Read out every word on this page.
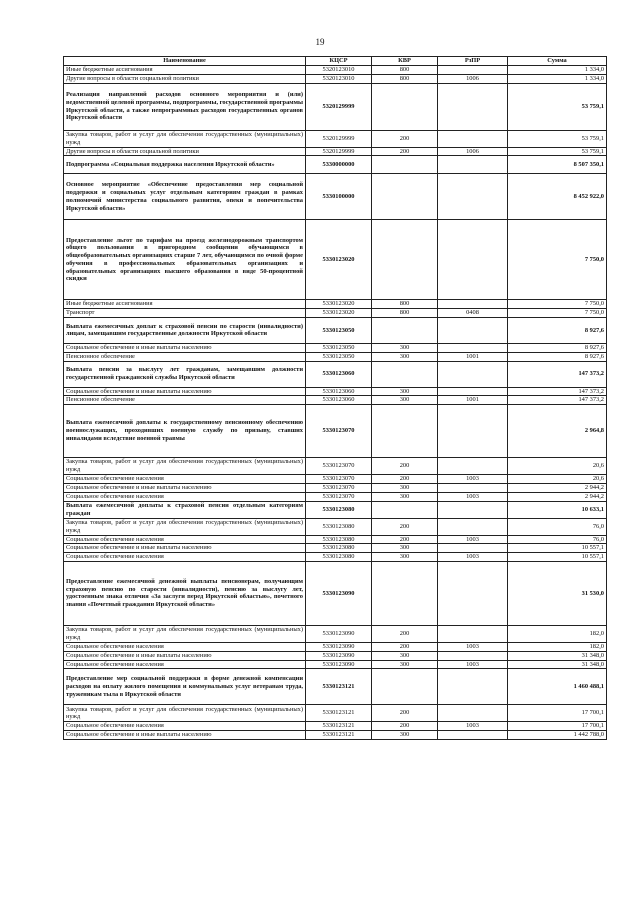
19
Наименование	КЦСР	КВР	РзПР	Сумма
Иные бюджетные ассигнования	5320123010	800		1 334,0
Другие вопросы в области социальной политики	5320123010	800	1006	1 334,0
Реализация направлений расходов основного мероприятия и (или) ведомственной целевой программы, подпрограммы, государственной программы Иркутской области, а также непрограммных расходов государственных органов Иркутской области	5320129999			53 759,1
Закупка товаров, работ и услуг для обеспечения государственных (муниципальных) нужд	5320129999	200		53 759,1
Другие вопросы в области социальной политики	5320129999	200	1006	53 759,1
Подпрограмма «Социальная поддержка населения Иркутской области»	5330000000			8 507 350,1
Основное мероприятие «Обеспечение предоставления мер социальной поддержки и социальных услуг отдельным категориям граждан в рамках полномочий министерства социального развития, опеки и попечительства Иркутской области»	5330100000			8 452 922,0
Предоставление льгот по тарифам на проезд железнодорожным транспортом общего пользования в пригородном сообщении обучающимся в общеобразовательных организациях старше 7 лет, обучающимся по очной форме обучения в профессиональных образовательных организациях и образовательных организациях высшего образования в виде 50-процентной скидки	5330123020			7 750,0
Иные бюджетные ассигнования	5330123020	800		7 750,0
Транспорт	5330123020	800	0408	7 750,0
Выплата ежемесячных доплат к страховой пенсии по старости (инвалидности) лицам, замещавшим государственные должности Иркутской области	5330123050			8 927,6
Социальное обеспечение и иные выплаты населению	5330123050	300		8 927,6
Пенсионное обеспечение	5330123050	300	1001	8 927,6
Выплата пенсии за выслугу лет гражданам, замещавшим должности государственной гражданской службы Иркутской области	5330123060			147 373,2
Социальное обеспечение и иные выплаты населению	5330123060	300		147 373,2
Пенсионное обеспечение	5330123060	300	1001	147 373,2
Выплата ежемесячной доплаты к государственному пенсионному обеспечению военнослужащих, проходивших военную службу по призыву, ставших инвалидами вследствие военной травмы	5330123070			2 964,8
Закупка товаров, работ и услуг для обеспечения государственных (муниципальных) нужд	5330123070	200		20,6
Социальное обеспечение населения	5330123070	200	1003	20,6
Социальное обеспечение и иные выплаты населению	5330123070	300		2 944,2
Социальное обеспечение населения	5330123070	300	1003	2 944,2
Выплата ежемесячной доплаты к страховой пенсии отдельным категориям граждан	5330123080			10 633,1
Закупка товаров, работ и услуг для обеспечения государственных (муниципальных) нужд	5330123080	200		76,0
Социальное обеспечение населения	5330123080	200	1003	76,0
Социальное обеспечение и иные выплаты населению	5330123080	300		10 557,1
Социальное обеспечение населения	5330123080	300	1003	10 557,1
Предоставление ежемесячной денежной выплаты пенсионерам, получающим страховую пенсию по старости (инвалидности), пенсию за выслугу лет, удостоенным знака отличия «За заслуги перед Иркутской областью», почетного звания «Почетный гражданин Иркутской области»	5330123090			31 530,0
Закупка товаров, работ и услуг для обеспечения государственных (муниципальных) нужд	5330123090	200		182,0
Социальное обеспечение населения	5330123090	200	1003	182,0
Социальное обеспечение и иные выплаты населению	5330123090	300		31 348,0
Социальное обеспечение населения	5330123090	300	1003	31 348,0
Предоставление мер социальной поддержки в форме денежной компенсации расходов на оплату жилого помещения и коммунальных услуг ветеранам труда, труженикам тыла в Иркутской области	5330123121			1 460 488,1
Закупка товаров, работ и услуг для обеспечения государственных (муниципальных) нужд	5330123121	200		17 700,1
Социальное обеспечение населения	5330123121	200	1003	17 700,1
Социальное обеспечение и иные выплаты населению	5330123121	300		1 442 788,0
